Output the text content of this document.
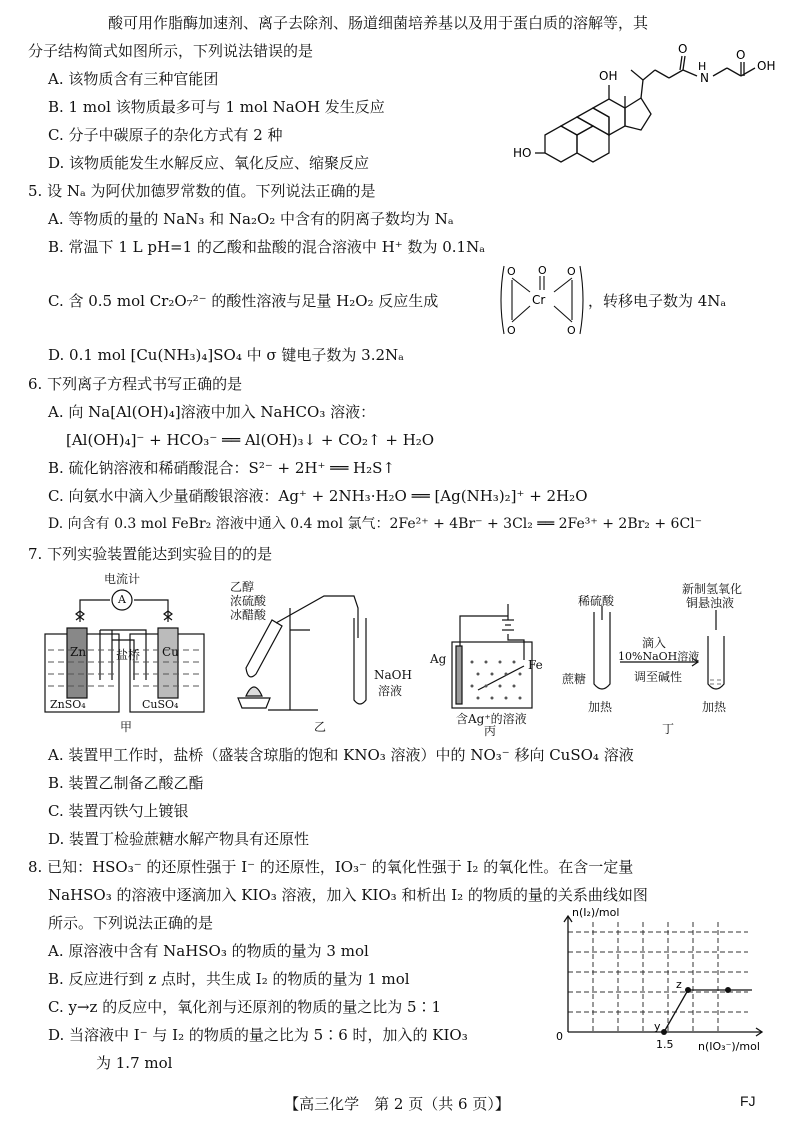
酸可用作脂酶加速剂、离子去除剂、肠道细菌培养基以及用于蛋白质的溶解等，其
分子结构简式如图所示，下列说法错误的是
A. 该物质含有三种官能团
B. 1 mol 该物质最多可与 1 mol NaOH 发生反应
C. 分子中碳原子的杂化方式有 2 种
D. 该物质能发生水解反应、氧化反应、缩聚反应
OH
O
H
N
O
OH
HO
5. 设 Nₐ 为阿伏加德罗常数的值。下列说法正确的是
A. 等物质的量的 NaN₃ 和 Na₂O₂ 中含有的阴离子数均为 Nₐ
B. 常温下 1 L pH=1 的乙酸和盐酸的混合溶液中 H⁺ 数为 0.1Nₐ
C. 含 0.5 mol Cr₂O₇²⁻ 的酸性溶液与足量 H₂O₂ 反应生成
O O O
Cr
O	O
，转移电子数为 4Nₐ
D. 0.1 mol [Cu(NH₃)₄]SO₄ 中 σ 键电子数为 3.2Nₐ
6. 下列离子方程式书写正确的是
A. 向 Na[Al(OH)₄]溶液中加入 NaHCO₃ 溶液：
[Al(OH)₄]⁻ + HCO₃⁻ ══ Al(OH)₃↓ + CO₂↑ + H₂O
B. 硫化钠溶液和稀硝酸混合：S²⁻ + 2H⁺ ══ H₂S↑
C. 向氨水中滴入少量硝酸银溶液：Ag⁺ + 2NH₃·H₂O ══ [Ag(NH₃)₂]⁺ + 2H₂O
D. 向含有 0.3 mol FeBr₂ 溶液中通入 0.4 mol 氯气：2Fe²⁺ + 4Br⁻ + 3Cl₂ ══ 2Fe³⁺ + 2Br₂ + 6Cl⁻
7. 下列实验装置能达到实验目的的是
电流计
A
Zn	Cu
盐桥
ZnSO₄	CuSO₄
甲
乙醇
浓硫酸
冰醋酸
NaOH
溶液
乙
Ag	Fe
含Ag⁺的溶液
丙
稀硫酸
蔗糖
加热
滴入
10%NaOH溶液
调至碱性
新制氢氧化
铜悬浊液
加热
丁
A. 装置甲工作时，盐桥（盛装含琼脂的饱和 KNO₃ 溶液）中的 NO₃⁻ 移向 CuSO₄ 溶液
B. 装置乙制备乙酸乙酯
C. 装置丙铁勺上镀银
D. 装置丁检验蔗糖水解产物具有还原性
8. 已知：HSO₃⁻ 的还原性强于 I⁻ 的还原性，IO₃⁻ 的氧化性强于 I₂ 的氧化性。在含一定量
NaHSO₃ 的溶液中逐滴加入 KIO₃ 溶液，加入 KIO₃ 和析出 I₂ 的物质的量的关系曲线如图
所示。下列说法正确的是
A. 原溶液中含有 NaHSO₃ 的物质的量为 3 mol
B. 反应进行到 z 点时，共生成 I₂ 的物质的量为 1 mol
C. y→z 的反应中，氧化剂与还原剂的物质的量之比为 5∶1
D. 当溶液中 I⁻ 与 I₂ 的物质的量之比为 5∶6 时，加入的 KIO₃
为 1.7 mol
n(I₂)/mol
n(IO₃⁻)/mol
0
1.5
y
z
【高三化学　第 2 页（共 6 页）】	FJ
